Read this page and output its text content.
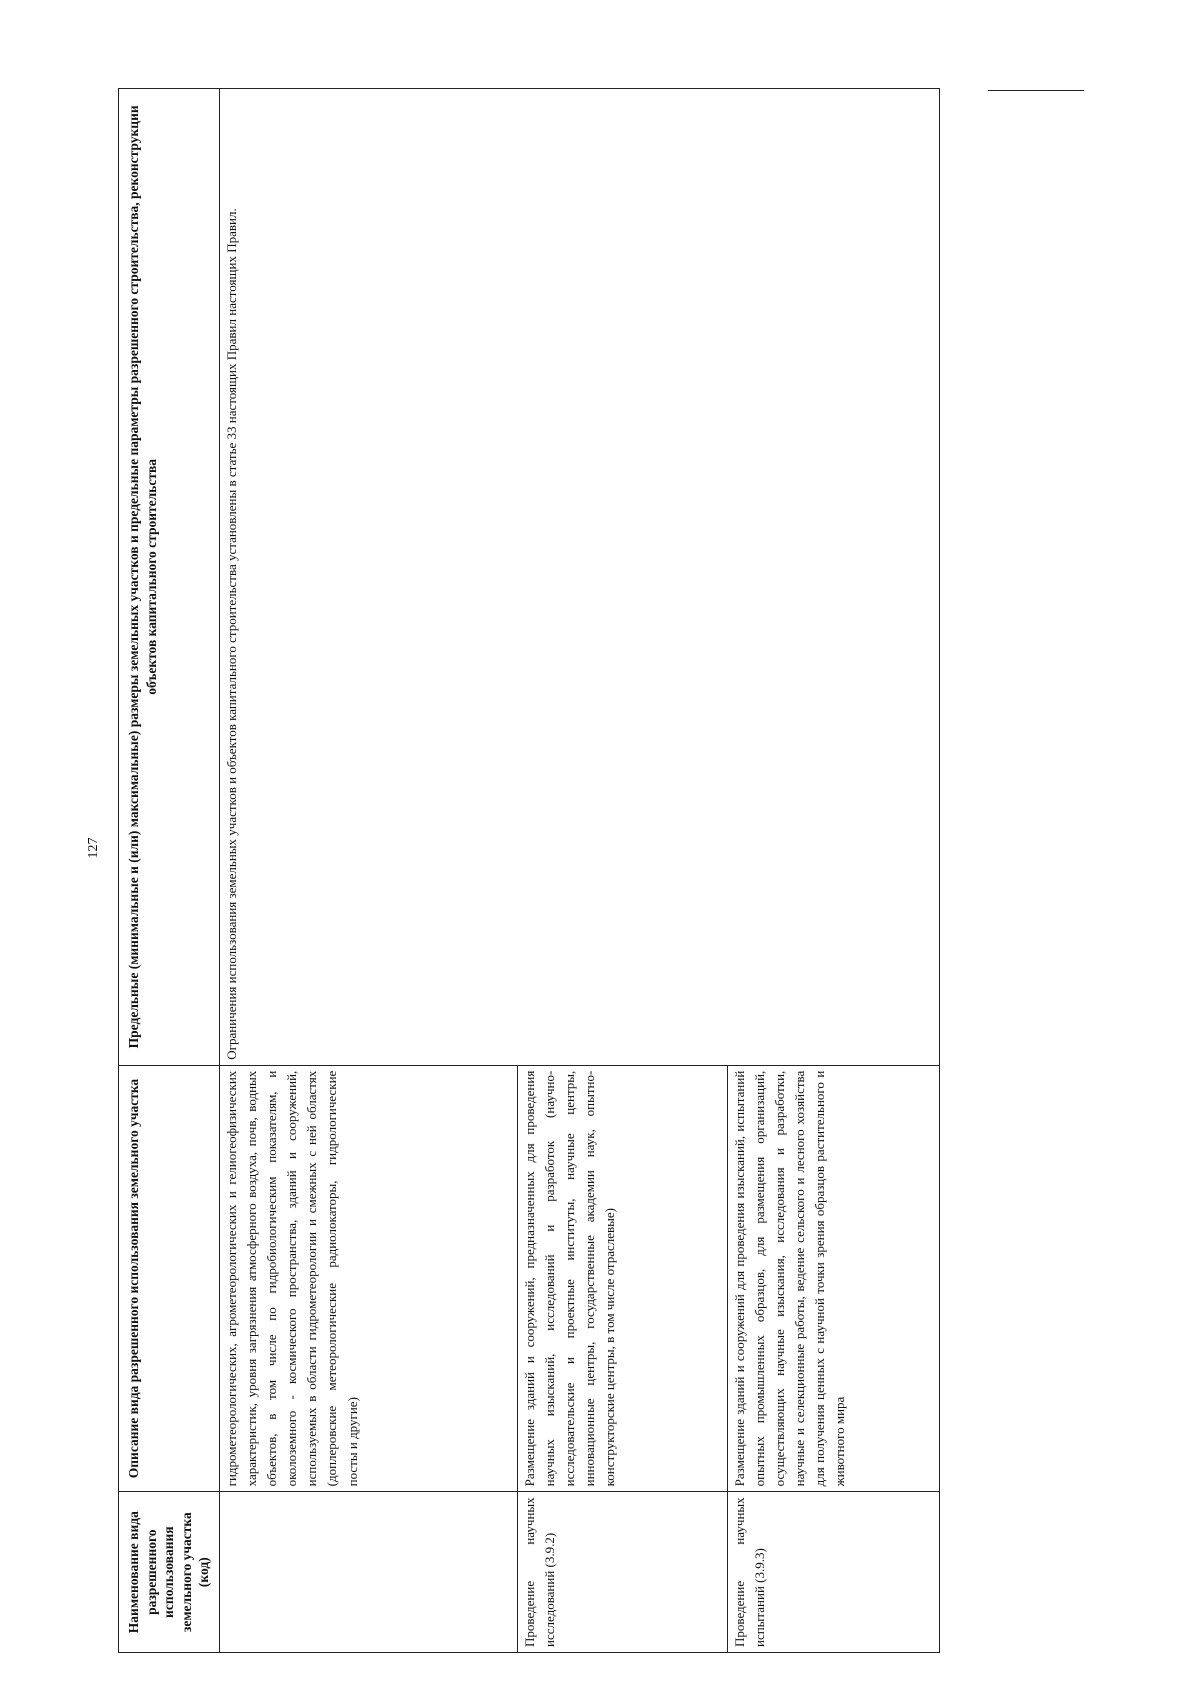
127
Наименование вида разрешенного использования земельного участка (код)	Описание вида разрешенного использования земельного участка	Предельные (минимальные и (или) максимальные) размеры земельных участков и предельные параметры разрешенного строительства, реконструкции объектов капитального строительства
	гидрометеорологических, агрометеорологических и гелиогеофизических характеристик, уровня загрязнения атмосферного воздуха, почв, водных объектов, в том числе по гидробиологическим показателям, и околоземного - космического пространства, зданий и сооружений, используемых в области гидрометеорологии и смежных с ней областях (доплеровские метеорологические радиолокаторы, гидрологические посты и другие)	Ограничения использования земельных участков и объектов капитального строительства установлены в статье 33 настоящих Правил настоящих Правил.
Проведение научных исследований (3.9.2)	Размещение зданий и сооружений, предназначенных для проведения научных изысканий, исследований и разработок (научно-исследовательские и проектные институты, научные центры, инновационные центры, государственные академии наук, опытно-конструкторские центры, в том числе отраслевые)	
Проведение научных испытаний (3.9.3)	Размещение зданий и сооружений для проведения изысканий, испытаний опытных промышленных образцов, для размещения организаций, осуществляющих научные изыскания, исследования и разработки, научные и селекционные работы, ведение сельского и лесного хозяйства для получения ценных с научной точки зрения образцов растительного и животного мира	
